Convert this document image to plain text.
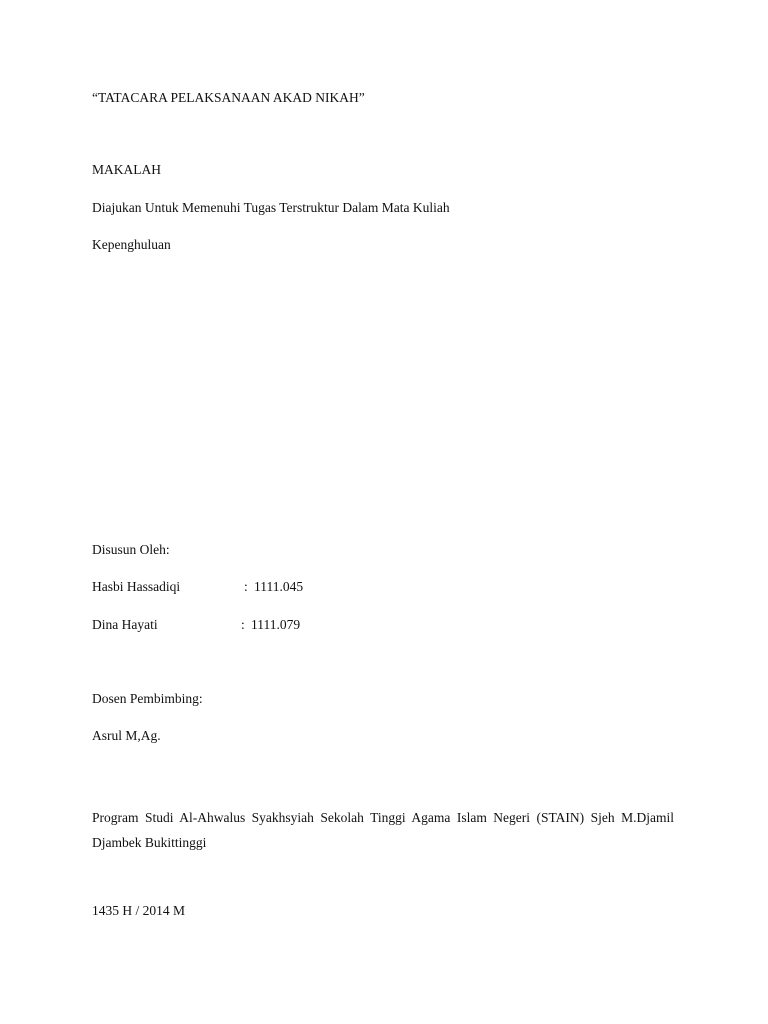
“TATACARA PELAKSANAAN AKAD NIKAH”
MAKALAH
Diajukan Untuk Memenuhi Tugas Terstruktur Dalam Mata Kuliah
Kepenghuluan
Disusun Oleh:
Hasbi Hassadiqi	: 1111.045
Dina Hayati	: 1111.079
Dosen Pembimbing:
Asrul M,Ag.
Program Studi Al-Ahwalus Syakhsyiah Sekolah Tinggi Agama Islam Negeri (STAIN) Sjeh M.Djamil Djambek Bukittinggi
1435 H / 2014 M
